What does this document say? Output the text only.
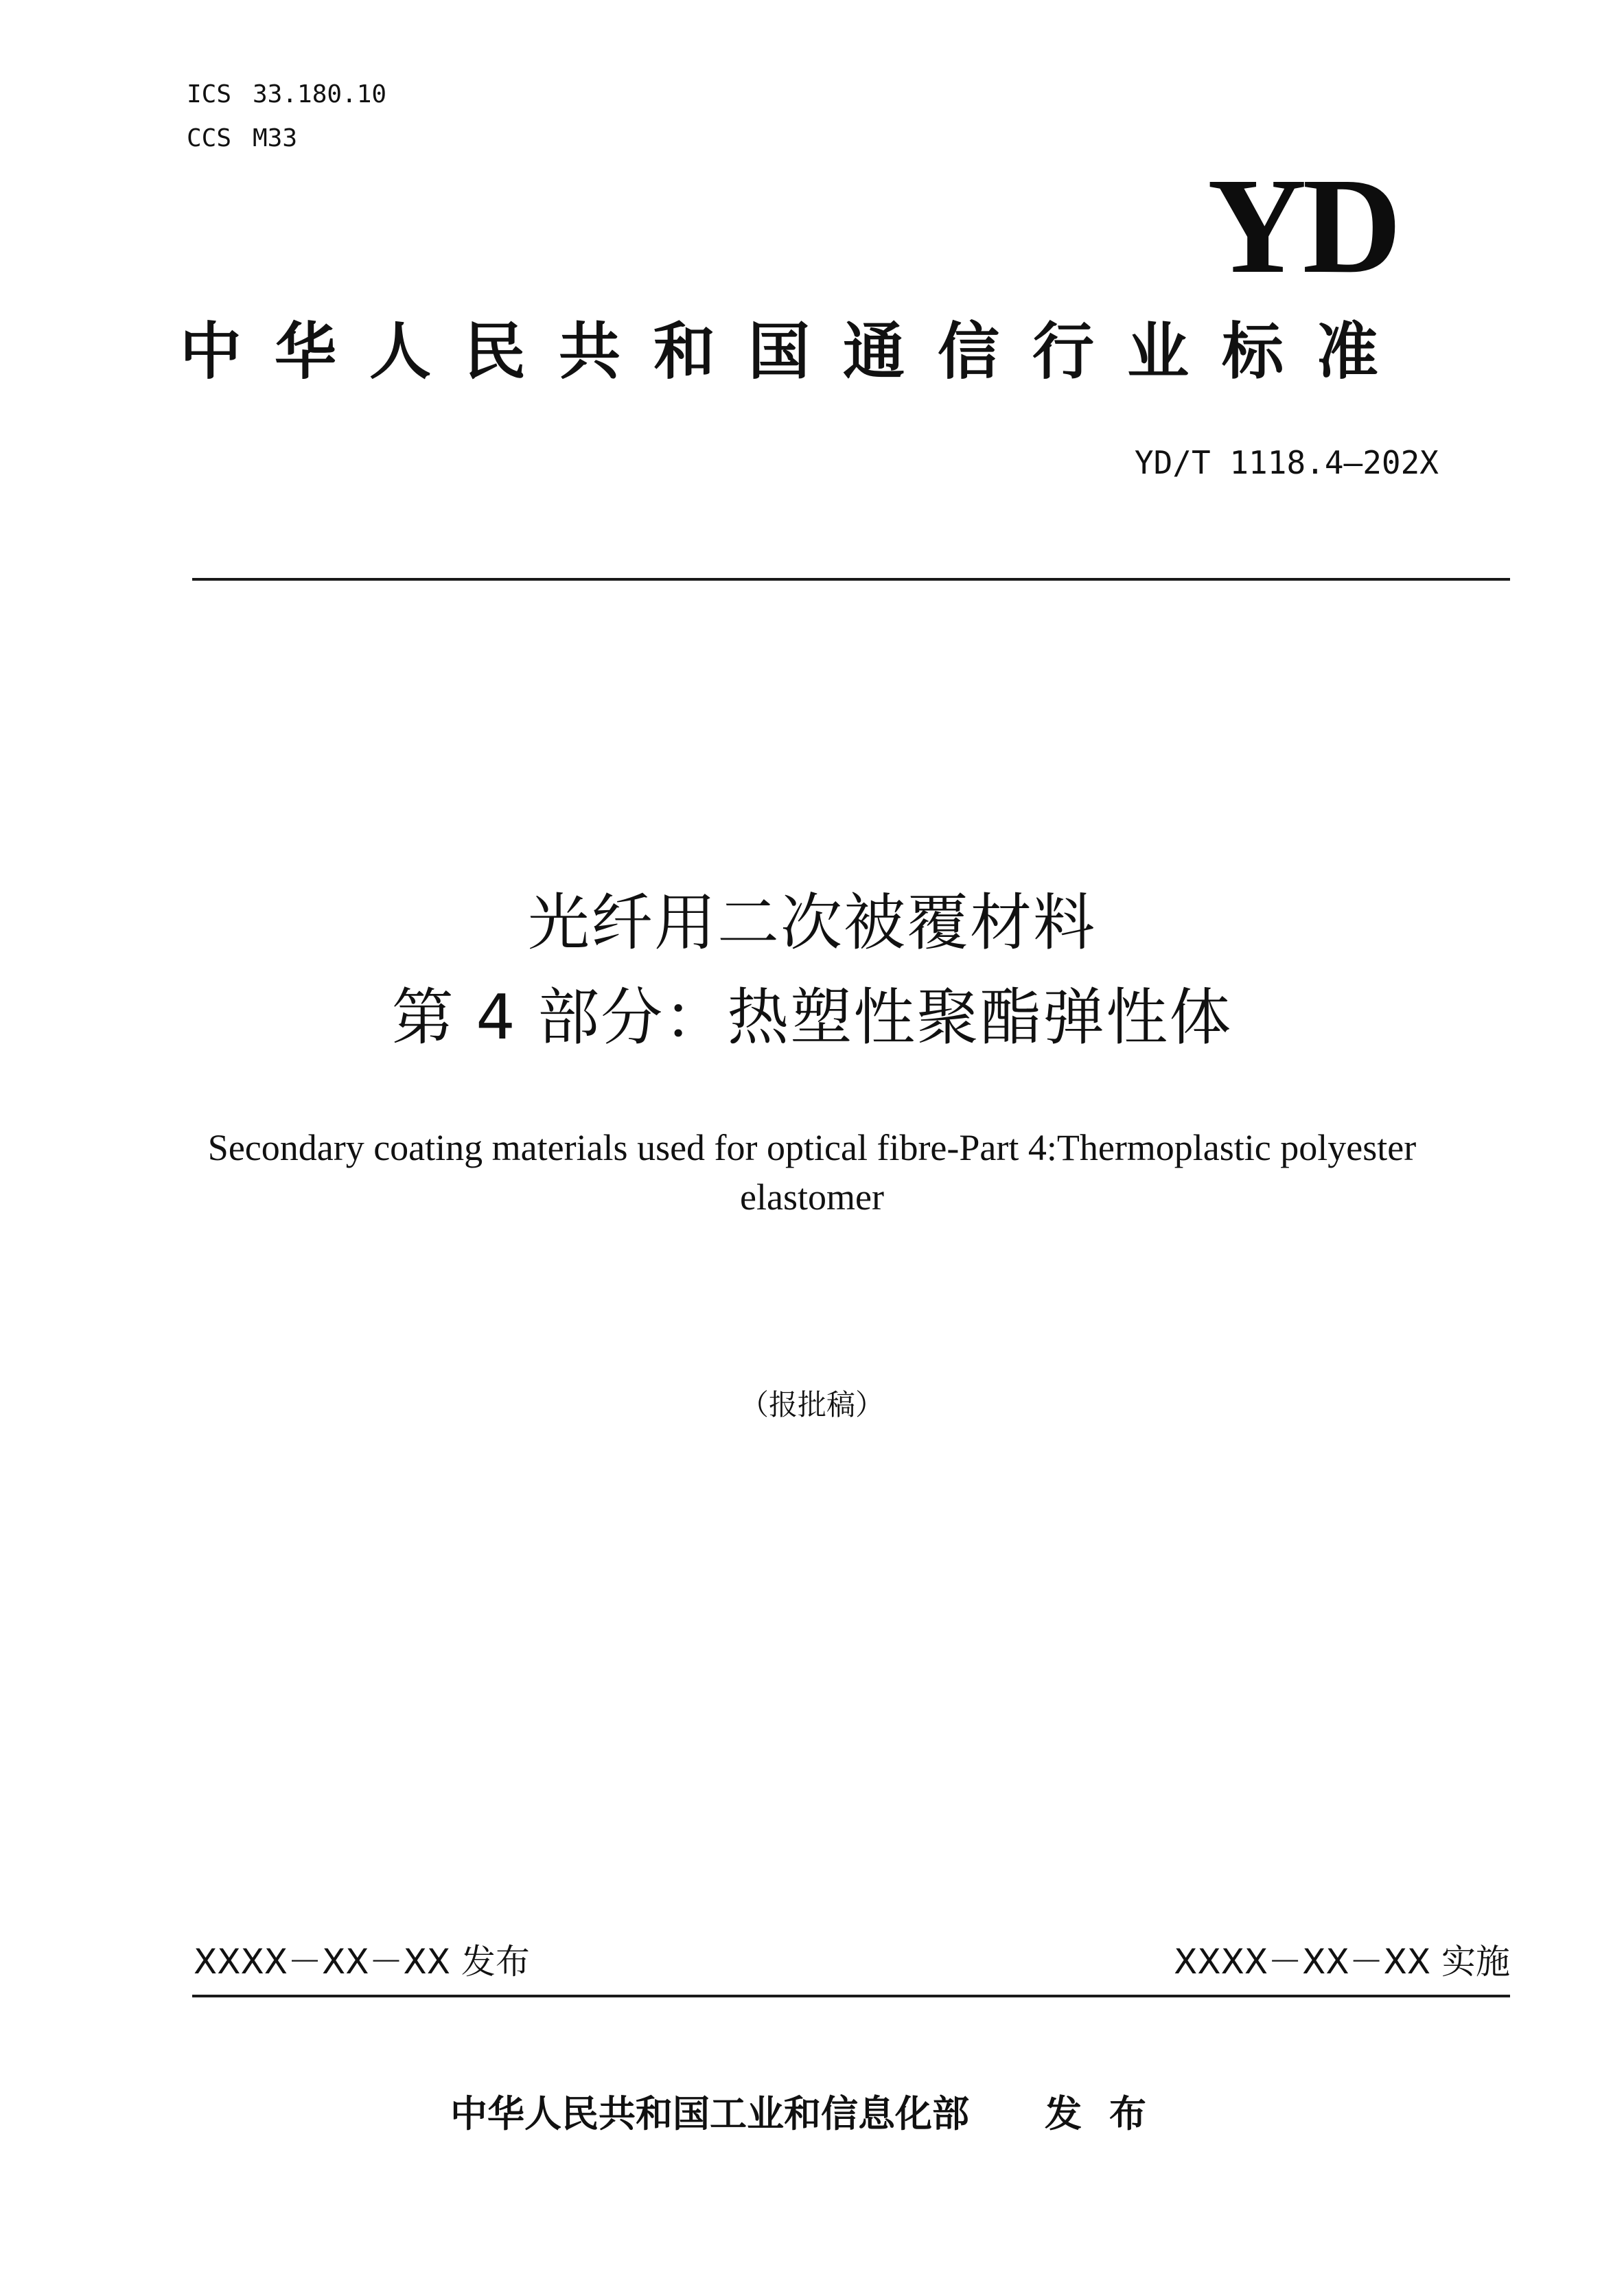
ICS 33.180.10
CCS M33
YD
中华人民共和国通信行业标准
YD/T 1118.4—202X
光纤用二次被覆材料
第 4 部分：热塑性聚酯弹性体
Secondary coating materials used for optical fibre-Part 4:Thermoplastic polyester elastomer
（报批稿）
XXXX－XX－XX 发布	XXXX－XX－XX 实施
中华人民共和国工业和信息化部 发布
